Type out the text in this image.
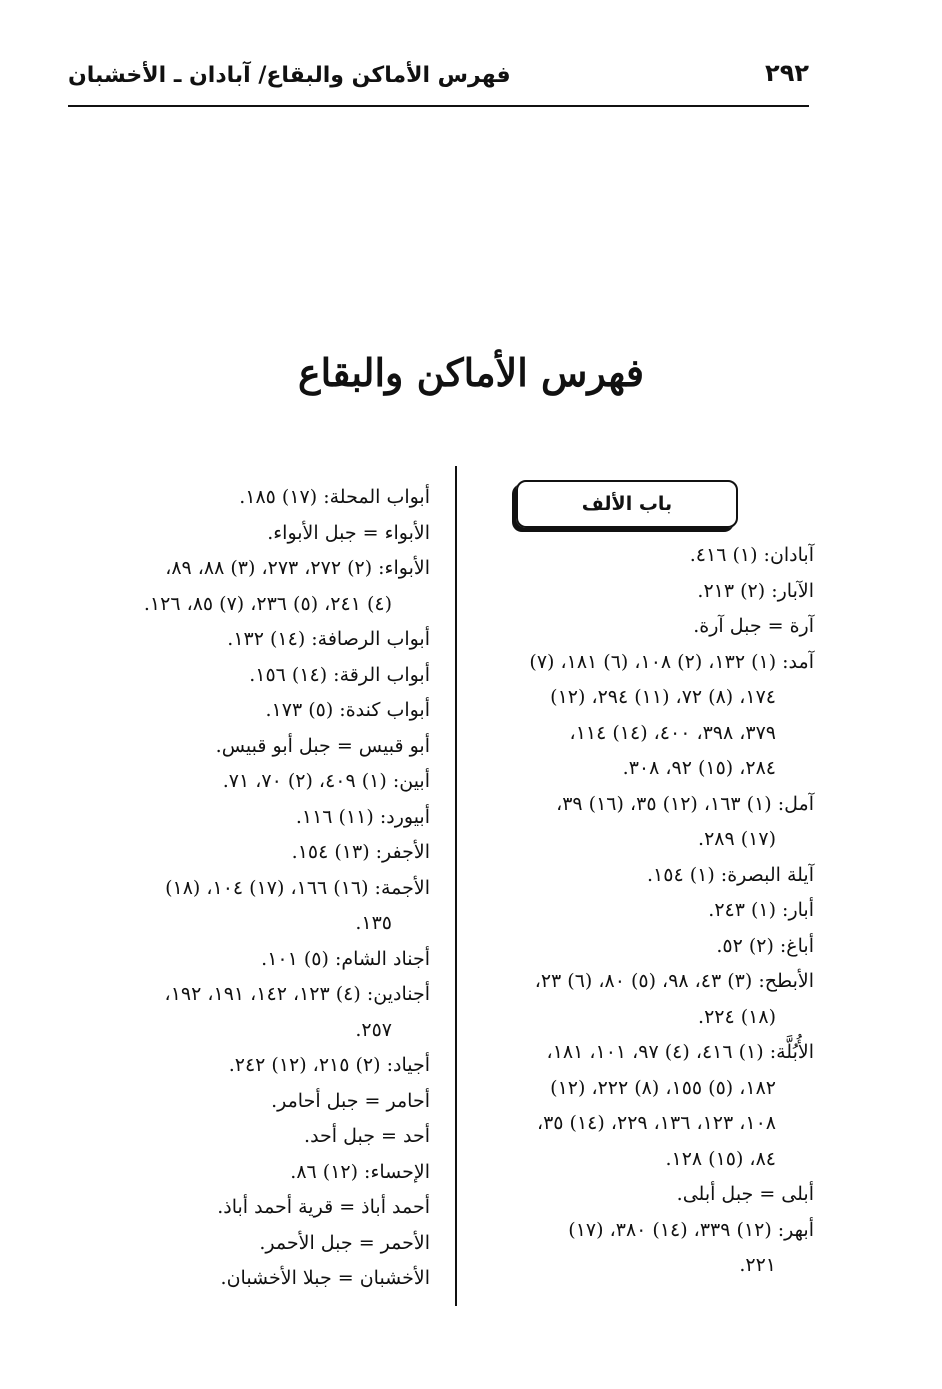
٢٩٢
فهرس الأماكن والبقاع/ آبادان ـ الأخشبان
فهرس الأماكن والبقاع
باب الألف

آبادان: (١) ٤١٦.

الآبار: (٢) ٢١٣.

آرة = جبل آرة.

آمد: (١) ١٣٢، (٢) ١٠٨، (٦) ١٨١، (٧)

١٧٤، (٨) ٧٢، (١١) ٢٩٤، (١٢)

٣٧٩، ٣٩٨، ٤٠٠، (١٤) ١١٤،

٢٨٤، (١٥) ٩٢، ٣٠٨.

آمل: (١) ١٦٣، (١٢) ٣٥، (١٦) ٣٩،

(١٧) ٢٨٩.

آيلة البصرة: (١) ١٥٤.

أبار: (١) ٢٤٣.

أباغ: (٢) ٥٢.

الأبطح: (٣) ٤٣، ٩٨، (٥) ٨٠، (٦) ٢٣،

(١٨) ٢٢٤.

الأُبُلَّة: (١) ٤١٦، (٤) ٩٧، ١٠١، ١٨١،

١٨٢، (٥) ١٥٥، (٨) ٢٢٢، (١٢)

١٠٨، ١٢٣، ١٣٦، ٢٢٩، (١٤) ٣٥،

٨٤، (١٥) ١٢٨.

أبلى = جبل أبلى.

أبهر: (١٢) ٣٣٩، (١٤) ٣٨٠، (١٧)

٢٢١.

أبواب المحلة: (١٧) ١٨٥.

الأبواء = جبل الأبواء.

الأبواء: (٢) ٢٧٢، ٢٧٣، (٣) ٨٨، ٨٩،

(٤) ٢٤١، (٥) ٢٣٦، (٧) ٨٥، ١٢٦.

أبواب الرصافة: (١٤) ١٣٢.

أبواب الرقة: (١٤) ١٥٦.

أبواب كندة: (٥) ١٧٣.

أبو قبيس = جبل أبو قبيس.

أبين: (١) ٤٠٩، (٢) ٧٠، ٧١.

أبيورد: (١١) ١١٦.

الأجفر: (١٣) ١٥٤.

الأجمة: (١٦) ١٦٦، (١٧) ١٠٤، (١٨)

١٣٥.

أجناد الشام: (٥) ١٠١.

أجنادين: (٤) ١٢٣، ١٤٢، ١٩١، ١٩٢،

٢٥٧.

أجياد: (٢) ٢١٥، (١٢) ٢٤٢.

أحامر = جبل أحامر.

أحد = جبل أحد.

الإحساء: (١٢) ٨٦.

أحمد أباذ = قرية أحمد أباذ.

الأحمر = جبل الأحمر.

الأخشبان = جبلا الأخشبان.
